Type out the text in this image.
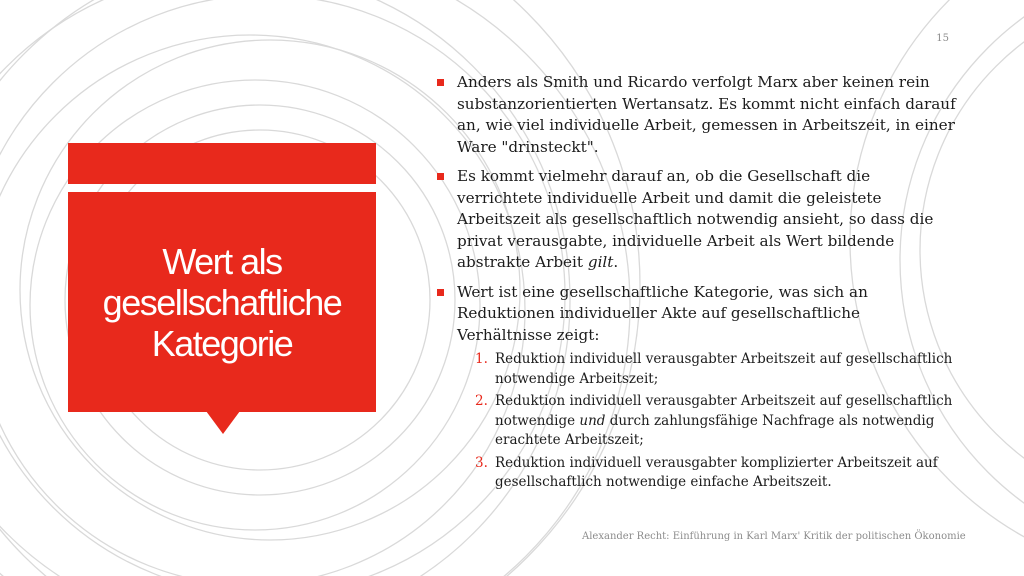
Wert als gesellschaftliche Kategorie
15
Anders als Smith und Ricardo verfolgt Marx aber keinen rein substanzorientierten Wertansatz. Es kommt nicht einfach darauf an, wie viel individuelle Arbeit, gemessen in Arbeitszeit, in einer Ware "drinsteckt".
Es kommt vielmehr darauf an, ob die Gesellschaft die verrichtete individuelle Arbeit und damit die geleistete Arbeitszeit als gesellschaftlich notwendig ansieht, so dass die privat verausgabte, individuelle Arbeit als Wert bildende abstrakte Arbeit gilt.
Wert ist eine gesellschaftliche Kategorie, was sich an Reduktionen individueller Akte auf gesellschaftliche Verhältnisse zeigt:
1. Reduktion individuell verausgabter Arbeitszeit auf gesellschaftlich notwendige Arbeitszeit;
2. Reduktion individuell verausgabter Arbeitszeit auf gesellschaftlich notwendige und durch zahlungsfähige Nachfrage als notwendig erachtete Arbeitszeit;
3. Reduktion individuell verausgabter komplizierter Arbeitszeit auf gesellschaftlich notwendige einfache Arbeitszeit.
Alexander Recht: Einführung in Karl Marx' Kritik der politischen Ökonomie
